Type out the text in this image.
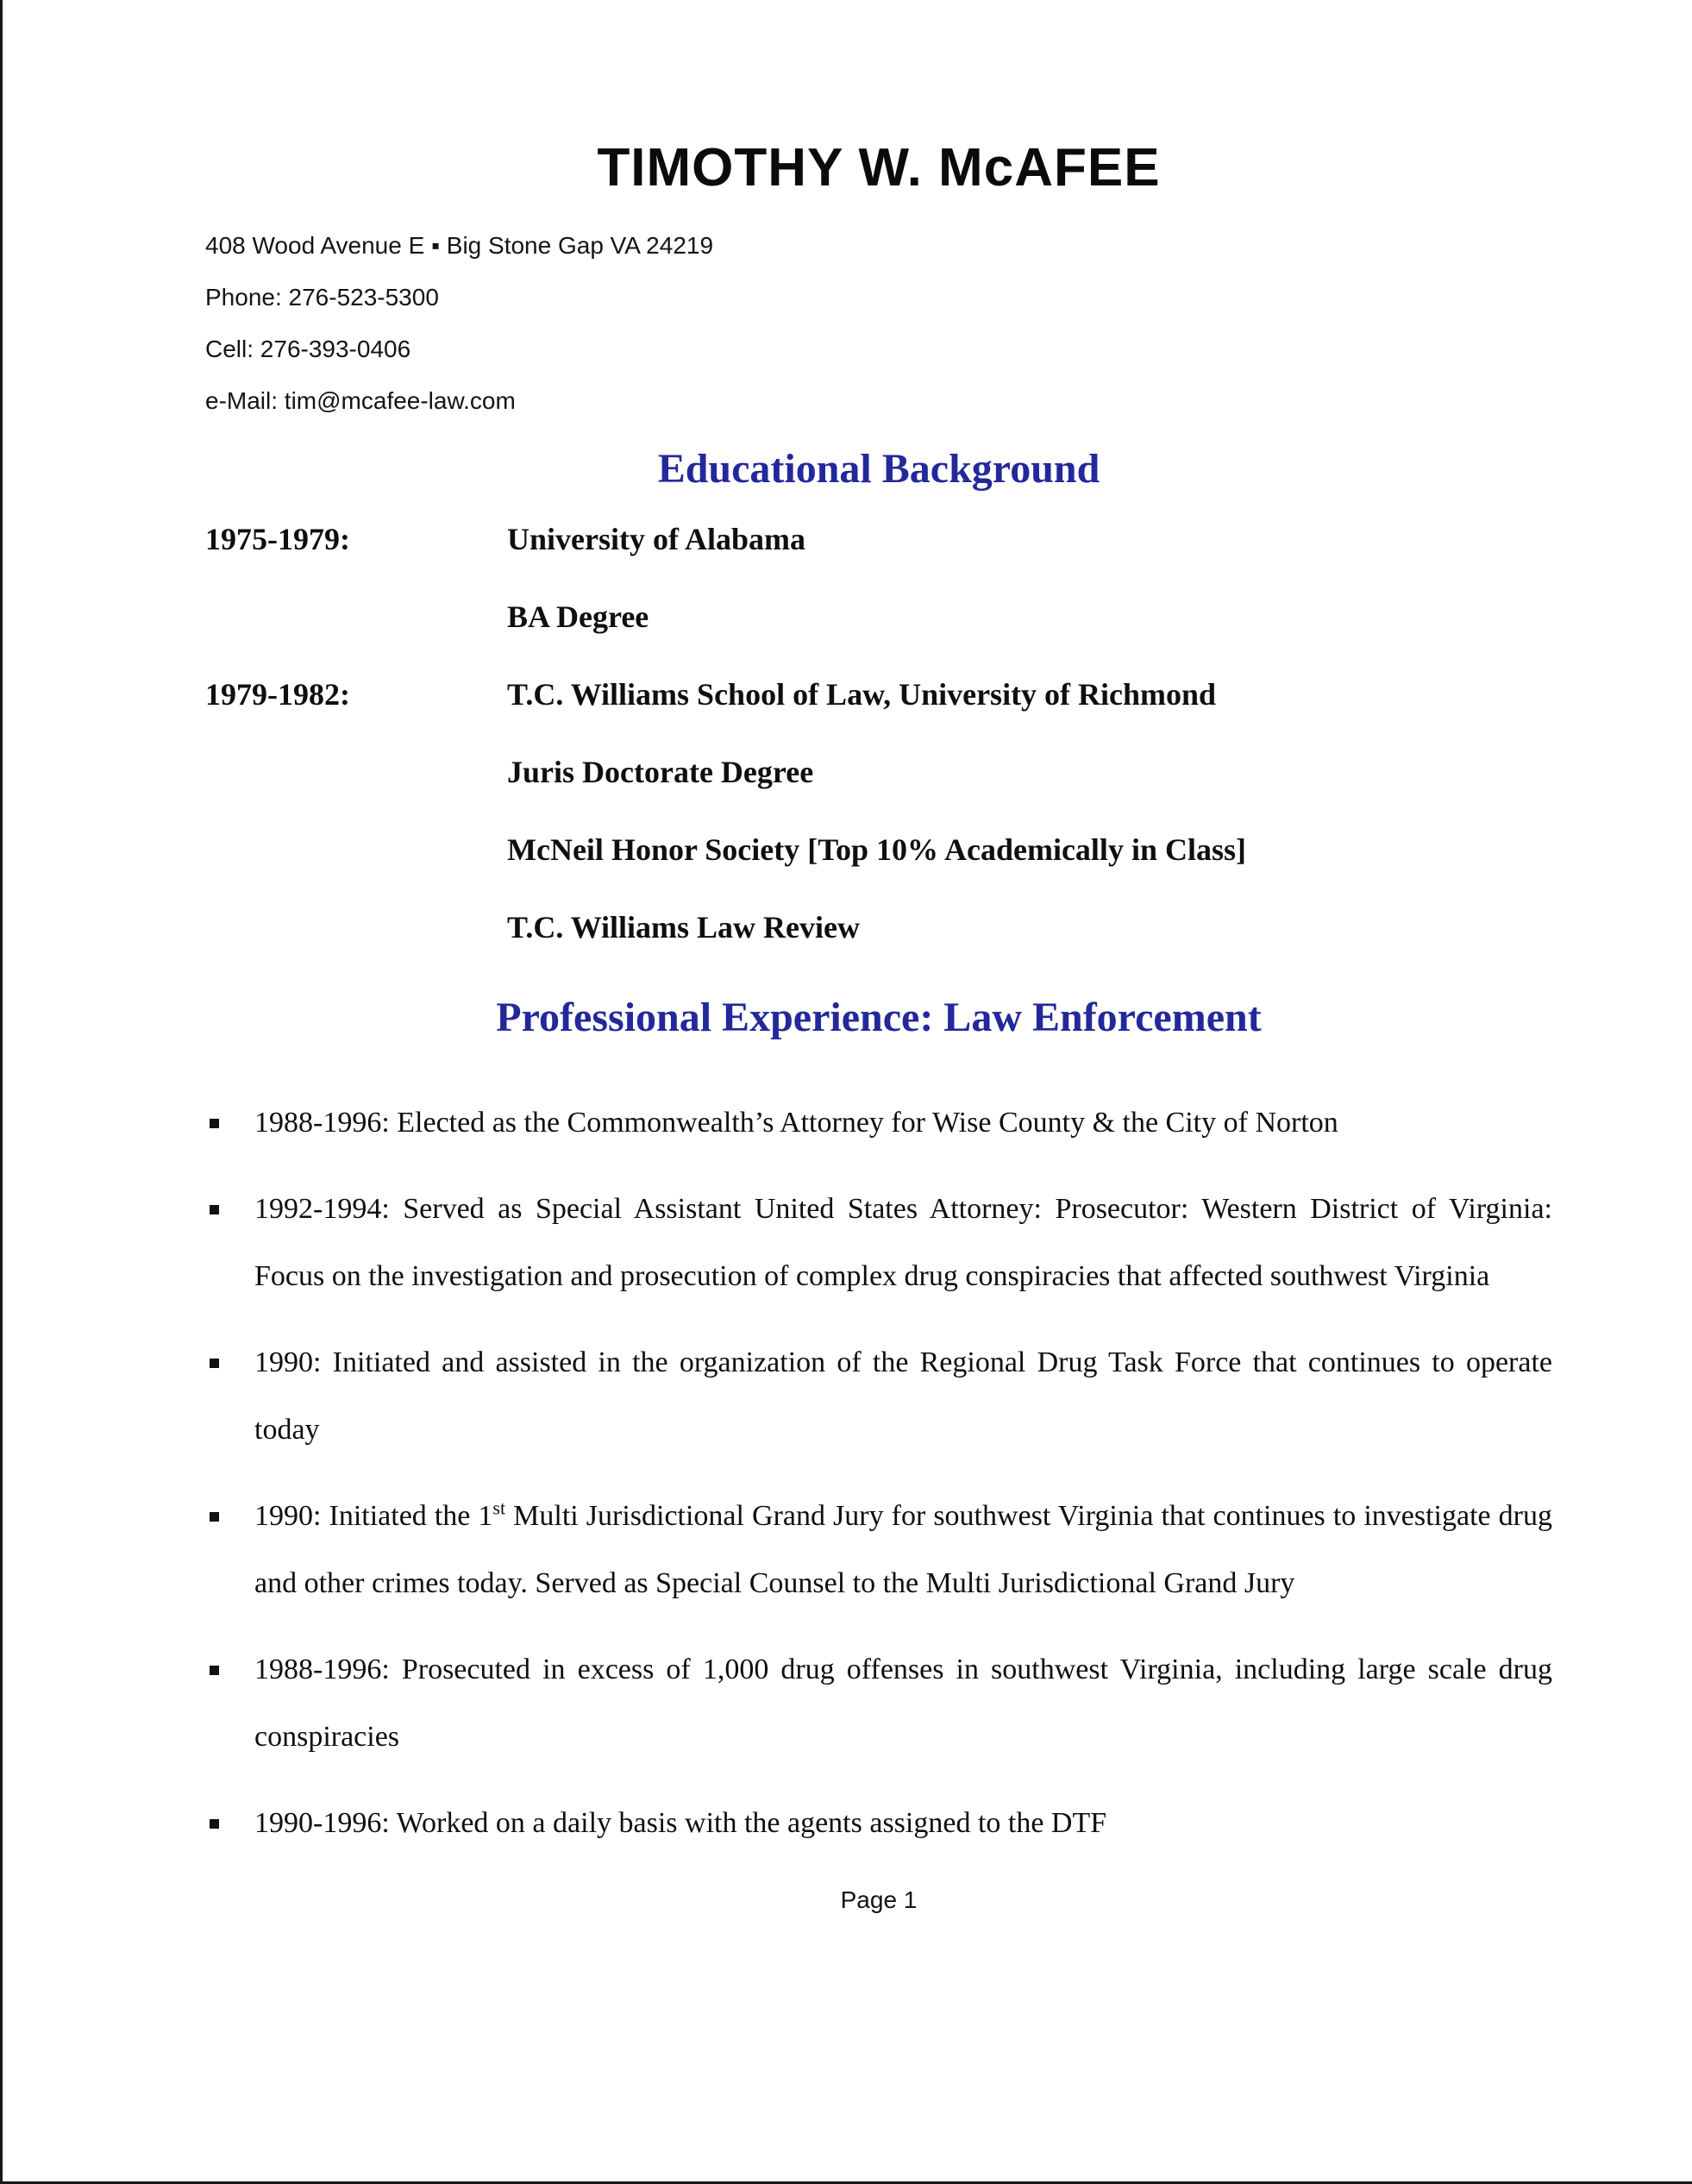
TIMOTHY W. McAFEE
408 Wood Avenue E ▪ Big Stone Gap VA 24219
Phone: 276-523-5300
Cell: 276-393-0406
e-Mail: tim@mcafee-law.com
Educational Background
1975-1979:	University of Alabama
BA Degree
1979-1982:	T.C. Williams School of Law, University of Richmond
Juris Doctorate Degree
McNeil Honor Society [Top 10% Academically in Class]
T.C. Williams Law Review
Professional Experience: Law Enforcement
1988-1996: Elected as the Commonwealth’s Attorney for Wise County & the City of Norton
1992-1994: Served as Special Assistant United States Attorney: Prosecutor: Western District of Virginia: Focus on the investigation and prosecution of complex drug conspiracies that affected southwest Virginia
1990: Initiated and assisted in the organization of the Regional Drug Task Force that continues to operate today
1990: Initiated the 1st Multi Jurisdictional Grand Jury for southwest Virginia that continues to investigate drug and other crimes today. Served as Special Counsel to the Multi Jurisdictional Grand Jury
1988-1996: Prosecuted in excess of 1,000 drug offenses in southwest Virginia, including large scale drug conspiracies
1990-1996: Worked on a daily basis with the agents assigned to the DTF
Page 1
